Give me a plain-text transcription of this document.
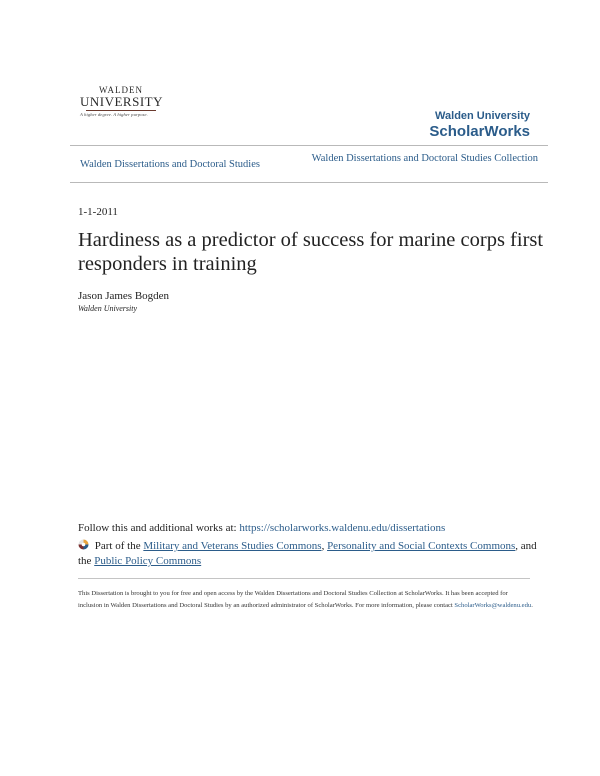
WALDEN
UNIVERSITY
A higher degree. A higher purpose.	Walden University
ScholarWorks
Walden Dissertations and Doctoral Studies
Walden Dissertations and Doctoral Studies Collection
1-1-2011
Hardiness as a predictor of success for marine corps first responders in training
Jason James Bogden
Walden University
Follow this and additional works at: https://scholarworks.waldenu.edu/dissertations
Part of the Military and Veterans Studies Commons, Personality and Social Contexts Commons, and the Public Policy Commons
This Dissertation is brought to you for free and open access by the Walden Dissertations and Doctoral Studies Collection at ScholarWorks. It has been accepted for inclusion in Walden Dissertations and Doctoral Studies by an authorized administrator of ScholarWorks. For more information, please contact ScholarWorks@waldenu.edu.
